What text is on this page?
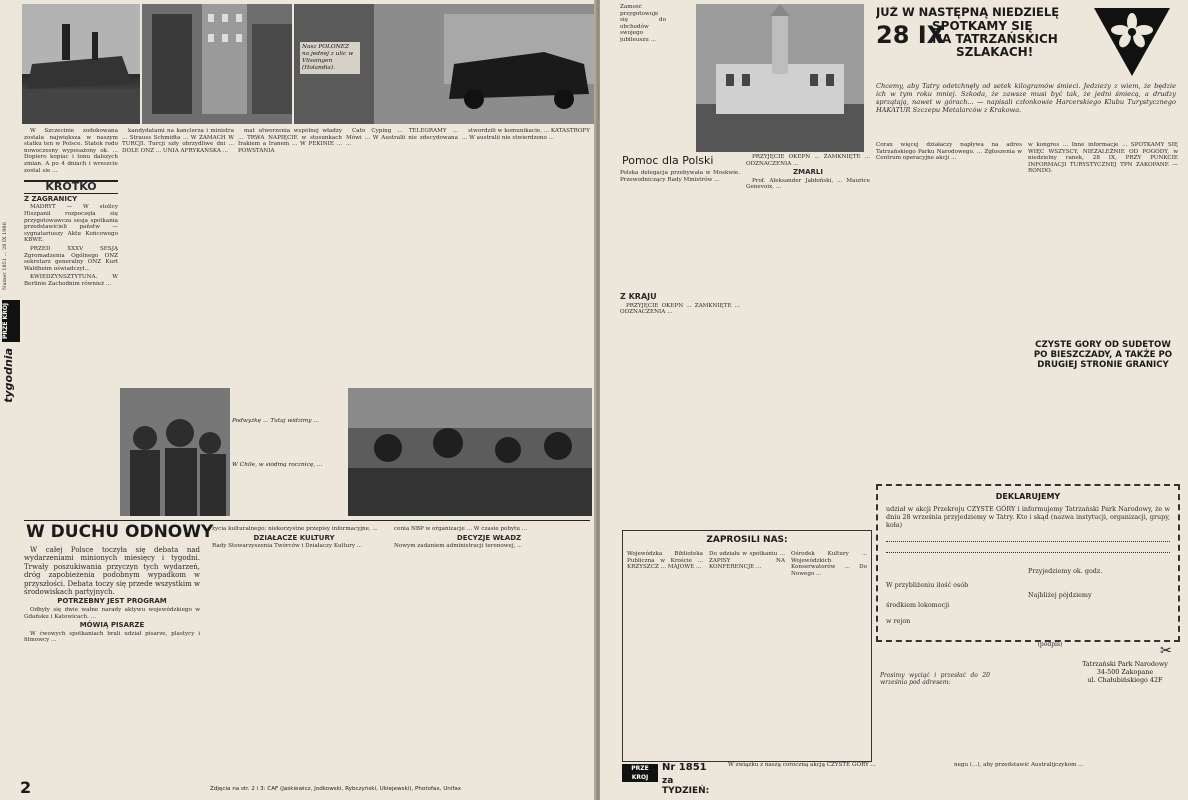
Nasz POLONEZ na jednej z ulic w Vlissingen (Holandia).
PRZE KROJ
tygodnia
Numer 1851 ... 28 IX 1980

W Szczecinie zodokowana została największa w naszym statku ten w Polsce. Statek rodo nowoczesny wyposażony ok. ... Dopiero kopiac i tonu dalszych zmian. A po 4 dniach i wreszcie zostal sie ...

KRÓTKO
Z ZAGRANICY

MADRYT — W stolicy Hiszpanii rozpoczęła się przygotowawcza sesja spotkania przedstawicieli państw — sygnatariuszy Aktu Końcowego KBWE.

PRZED XXXV SESJĄ Zgromadzenia Ogólnego ONZ sekretarz generalny ONZ Kurt Waldheim oświadczył...

KWIEDZYNSZTYTUNA. W Berlinie Zachodnim również ...

kandydatami na kanclerza i ministra ... Strauss Schmidta ... W ZAMACH W TURCJI. Turcji szły obrzydliwe dni ... DOLE ONZ ... UNIA AFRYKAŃSKA ...

mat utworzenia wspólnej władzy ... TRWA NAPIĘCIE w stosunkach Irakiem a Iranem ... W PEKINIE ... POWSTANIA

Cato Cyping ... TELEGRAMY ... Mówi ... W Australii nie zdecydowana ...

stwordzili w komunikacie, ... KATASTROFY ... W australii nie stwierdzono ...

Podwyżkę ... Tutaj widzimy ...
W Chile, w siódmą rocznicę, ...
W DUCHU ODNOWY

W całej Polsce toczyła się debata nad wydarzeniami minionych miesięcy i tygodni. Trwały poszukiwania przyczyn tych wydarzeń, dróg zapobieżenia podobnym wypadkom w przyszłości. Debata toczy się przede wszystkim w środowiskach partyjnych.

POTRZEBNY JEST PROGRAM

Odbyły się dwie wałne narady aktywu wojewódzkiego w Gdańsku i Katowicach. ...

MÓWIĄ PISARZE

W ćwowych spotkaniach brali udział pisarze, plastycy i filmowcy ...

życia kulturalnego; niekorzystne przepisy informacyjne, ...

DZIAŁACZE KULTURY

Rady Stowarzyszenia Twórców i Działaczy Kultury ...

cenia NBP w organizacje ... W czasie pobytu ...

DECYZJE WŁADZ

Nowym zadaniem administracji terenowej, ...

2	Zdjęcia na str. 2 i 3: CAF (Jaśkiewicz, Jodkowski, Rybczyński, Ukiejewski), Photofax, Unifax
Zamość przygotowuje się do obchodów swojego jubileuszu ...
JUŻ W NASTĘPNĄ NIEDZIELĘ
28 IX
SPOTKAMY SIĘ
NA TATRZAŃSKICH
SZLAKACH!
Chcemy, aby Tatry odetchnęły od setek kilogramów śmieci. Jedzieży z wiem, że będzie ich w tym roku mniej. Szkoda, że zawsze musi być tak, że jedni śmiecą, a drudzy sprzątają, nawet w górach... — napisali członkowie Harcerskiego Klubu Turystycznego HAKATUR Szczepu Metalarców z Krakowa.
Pomoc dla Polski
Polska delegacja przebywała w Moskwie. Przewodniczący Rady Ministrów ...

PRZYJĘCIE OKEPN ... ZAMKNIĘTE ... ODZNACZENIA ...

ZMARLI

Prof. Aleksander Jabłoński, ... Maurice Genevoix, ...

Z KRAJU

PRZYJĘCIE OKEPN ... ZAMKNIĘTE ... ODZNACZENIA ...

Corax więcej działaczy napływa na adres Tatrzańskiego Parku Narodowego. ... Zgłoszenia w Centrum operacyjne akcji ...
w kongres ... Inne informacje ... SPOTKAMY SIĘ WIĘC WSZYSCY, NIEZALEŻNIE OD POGODY, w niedzielny ranek, 28 IX, PRZY PUNKCIE INFORMACJI TURYSTYCZNEJ TPN ZAKOPANE — RONDO.
CZYSTE GÓRY OD SUDETÓW PO BIESZCZADY, A TAKŻE PO DRUGIEJ STRONIE GRANICY
DEKLARUJEMY
udział w akcji Przekroju CZYSTE GÓRY i informujemy Tatrzański Park Narodowy, że w dniu 28 września przyjedziemy w Tatry. Kto i skąd (nazwa instytucji, organizacji, grupy, koła)
Przyjedziemy ok. godz.
W przybliżeniu ilość osób
Najbliżej pójdziemy
środkiem lokomocji
w rejon
(podpis)
Prosimy wyciąć i przesłać do 20 września pod adresem:
Tatrzański Park Narodowy
34-500 Zakopane
ul. Chałubińskiego 42F
✂
ZAPROSILI NAS:
Wojewódzka Biblioteka Publiczna w Kroście ... KRZYSZCZ ... MAJOWE ...
Do udziału w spotkaniu ... ZAPISY NA KONFERENCJE ...
Ośrodek Kultury ... Wojewódzkich Konserwatorów ... Do Nowego ...
PRZE KROJ
Nr 1851
za TYDZIEŃ:
W związku z naszą coroczną akcją CZYSTE GÓRY ...	negu (...), aby przedstawić Australijczykom ...
